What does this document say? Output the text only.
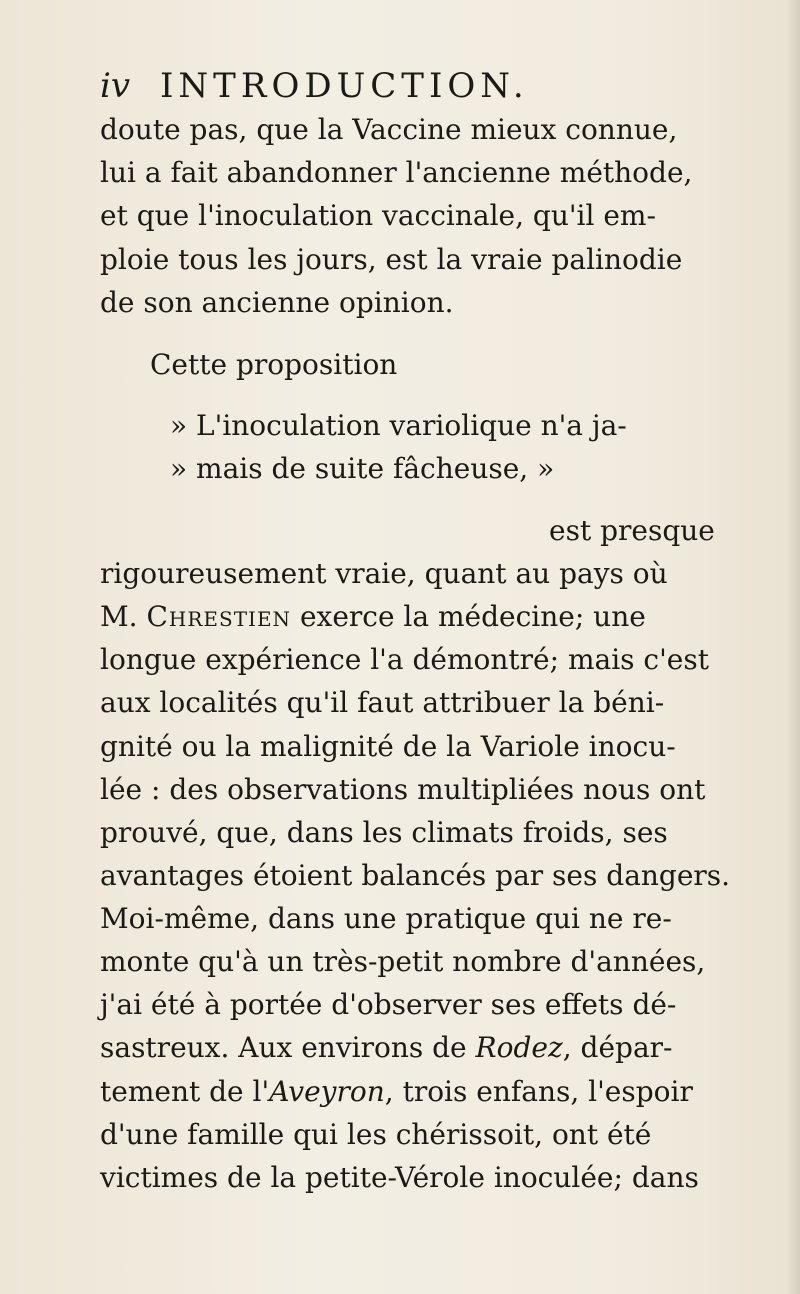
iv INTRODUCTION.
doute pas, que la Vaccine mieux connue,
lui a fait abandonner l'ancienne méthode,
et que l'inoculation vaccinale, qu'il em-
ploie tous les jours, est la vraie palinodie
de son ancienne opinion.
Cette proposition
» L'inoculation variolique n'a ja-
» mais de suite fâcheuse, »
est presque
rigoureusement vraie, quant au pays où
M. Chrestien exerce la médecine; une
longue expérience l'a démontré; mais c'est
aux localités qu'il faut attribuer la béni-
gnité ou la malignité de la Variole inocu-
lée : des observations multipliées nous ont
prouvé, que, dans les climats froids, ses
avantages étoient balancés par ses dangers.
Moi-même, dans une pratique qui ne re-
monte qu'à un très-petit nombre d'années,
j'ai été à portée d'observer ses effets dé-
sastreux. Aux environs de Rodez, dépar-
tement de l'Aveyron, trois enfans, l'espoir
d'une famille qui les chérissoit, ont été
victimes de la petite-Vérole inoculée; dans
